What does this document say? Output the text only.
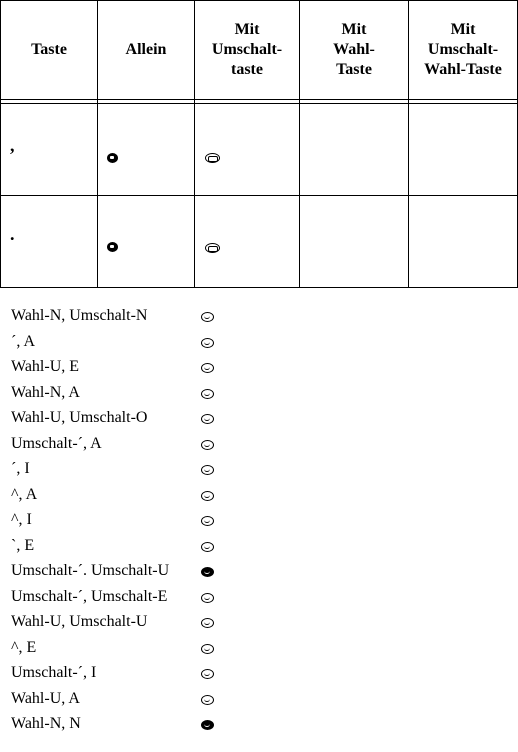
Taste	Allein
Mit
Umschalt-
taste
Mit
Wahl-
Taste
Mit
Umschalt-
Wahl-Taste
,
.
Wahl-N, Umschalt-N
´, A
Wahl-U, E
Wahl-N, A
Wahl-U, Umschalt-O
Umschalt-´, A
´, I
^, A
^, I
`, E
Umschalt-´. Umschalt-U
Umschalt-´, Umschalt-E
Wahl-U, Umschalt-U
^, E
Umschalt-´, I
Wahl-U, A
Wahl-N, N
